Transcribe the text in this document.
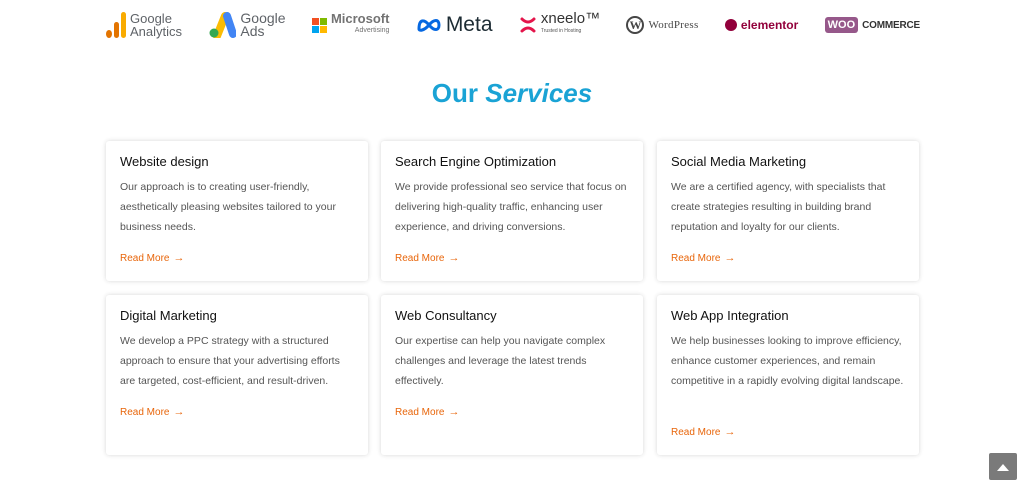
Google
Analytics
Google
Ads
Microsoft
Advertising	Meta	xneelo™
Trusted in Hosting	W WordPress	elementor	WOO COMMERCE
Our Services
Website design
Our approach is to creating user-friendly, aesthetically pleasing websites tailored to your business needs.
Read More →
Search Engine Optimization
We provide professional seo service that focus on delivering high-quality traffic, enhancing user experience, and driving conversions.
Read More →
Social Media Marketing
We are a certified agency, with specialists that create strategies resulting in building brand reputation and loyalty for our clients.
Read More →
Digital Marketing
We develop a PPC strategy with a structured approach to ensure that your advertising efforts are targeted, cost-efficient, and result-driven.
Read More →
Web Consultancy
Our expertise can help you navigate complex challenges and leverage the latest trends effectively.
Read More →
Web App Integration
We help businesses looking to improve efficiency, enhance customer experiences, and remain competitive in a rapidly evolving digital landscape.
Read More →
